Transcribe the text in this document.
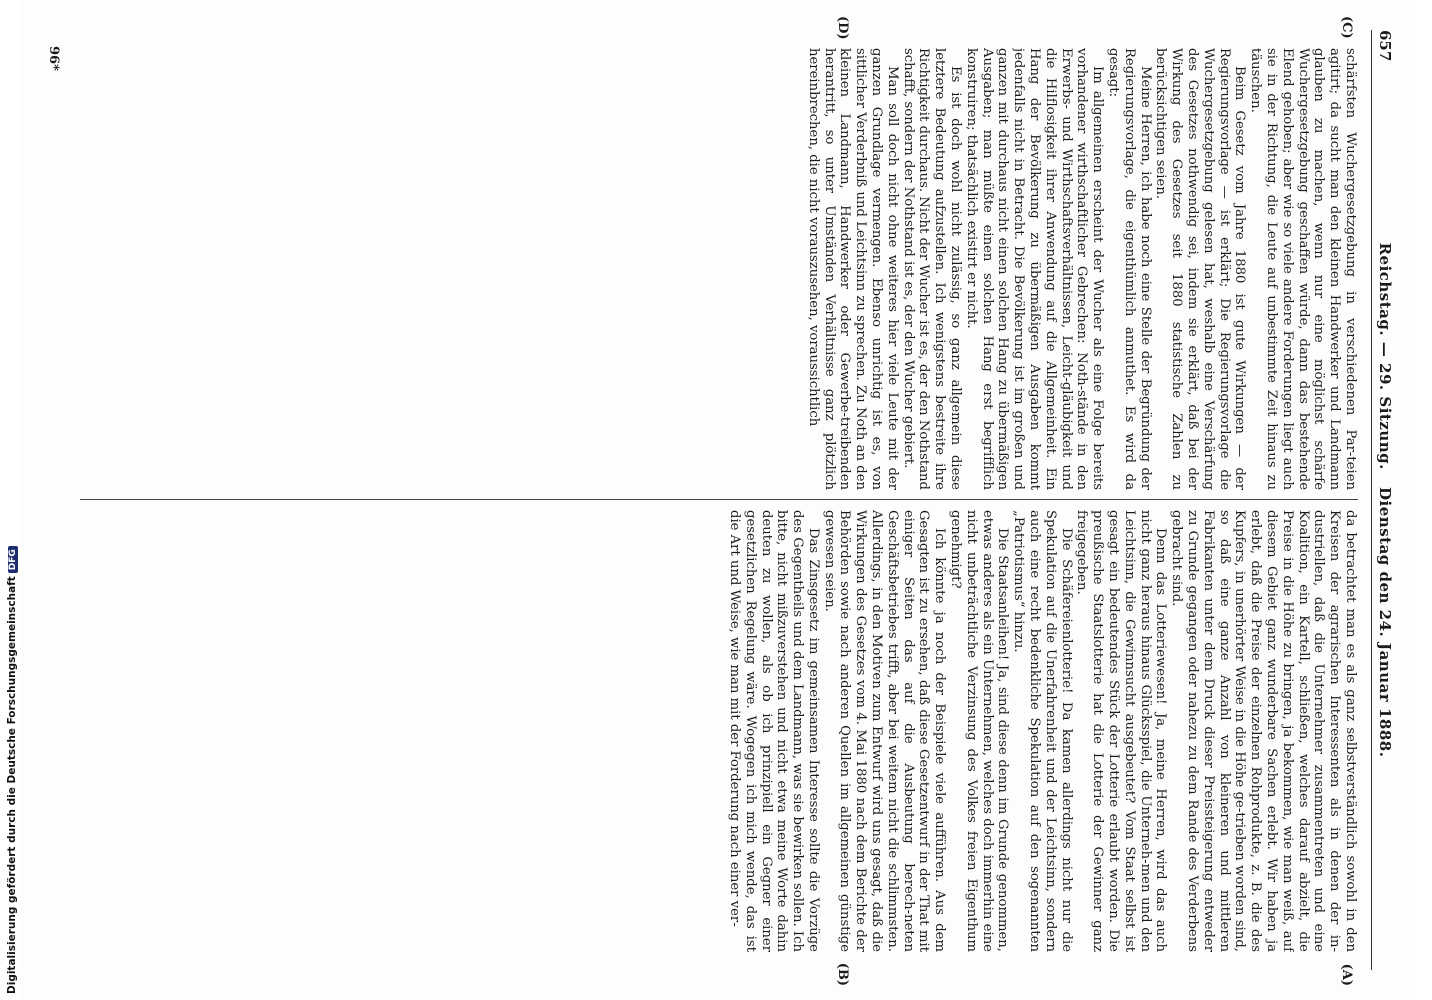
657
Reichstag. — 29. Sitzung.   Dienstag den 24. Januar 1888.
(C)
(D)
(A)
(B)

schärfsten Wuchergesetzgebung in verschiedenen Par-teien agitirt; da sucht man den kleinen Handwerker und Landmann glauben zu machen, wenn nur eine möglichst schärfe Wuchergesetzgebung geschaffen würde, dann das bestehende Elend gehoben; aber wie so viele andere Forderungen liegt auch sie in der Richtung, die Leute auf unbestimmte Zeit hinaus zu täuschen.

Beim Gesetz vom Jahre 1880 ist gute Wirkungen — der Regierungsvorlage — ist erklärt; Die Regierungsvorlage die Wuchergesetzgebung gelesen hat, weshalb eine Verschärfung des Gesetzes nothwendig sei, indem sie erklärt, daß bei der Wirkung des Gesetzes seit 1880 statistische Zahlen zu berücksichtigen seien.

Meine Herren, ich habe noch eine Stelle der Begründung der Regierungsvorlage, die eigenthümlich anmuthet. Es wird da gesagt:

Im allgemeinen erscheint der Wucher als eine Folge bereits vorhandener wirthschaftlicher Gebrechen: Noth-stände in den Erwerbs- und Wirthschaftsverhältnissen, Leicht-gläubigkeit und die Hilflosigkeit ihrer Anwendung auf die Allgemeinheit. Ein Hang der Bevölkerung zu übermäßigen Ausgaben kommt jedenfalls nicht in Betracht. Die Bevölkerung ist im großen und ganzen mit durchaus nicht einen solchen Hang zu übermäßigen Ausgaben; man müßte einen solchen Hang erst begrifflich konstruiren; thatsächlich existirt er nicht.

Es ist doch wohl nicht zulässig, so ganz allgemein diese letztere Bedeutung aufzustellen. Ich wenigstens bestreite ihre Richtigkeit durchaus. Nicht der Wucher ist es, der den Nothstand schafft, sondern der Nothstand ist es, der den Wucher gebiert.

Man soll doch nicht ohne weiteres hier viele Leute mit der ganzen Grundlage vermengen. Ebenso unrichtig ist es, von sittlicher Verderbniß und Leichtsinn zu sprechen. Zu Noth an den kleinen Landmann, Handwerker oder Gewerbe-treibenden herantritt, so unter Umständen Verhältnisse ganz plötzlich hereinbrechen, die nicht vorauszusehen, voraussichtlich

da betrachtet man es als ganz selbstverständlich sowohl in den Kreisen der agrarischen Interessenten als in denen der in-dustriellen, daß die Unternehmer zusammentreten und eine Koalition, ein Kartell, schließen, welches darauf abzielt, die Preise in die Höhe zu bringen, ja bekommen, wie man weiß, auf diesem Gebiet ganz wunderbare Sachen erlebt. Wir haben ja erlebt, daß die Preise der einzelnen Rohprodukte, z. B. die des Kupfers, in unerhörter Weise in die Höhe ge-trieben worden sind, so daß eine ganze Anzahl von kleineren und mittleren Fabrikanten unter dem Druck dieser Preissteigerung entweder zu Grunde gegangen oder nahezu zu dem Rande des Verderbens gebracht sind.

Denn das Lotteriewesen! Ja, meine Herren, wird das auch nicht ganz heraus hinaus Glücksspiel, die Unterneh-men und den Leichtsinn, die Gewinnsucht ausgebeutet? Vom Staat selbst ist gesagt ein bedeutendes Stück der Lotterie erlaubt worden. Die preußische Staatslotterie hat die Lotterie der Gewinner ganz freigegeben.

Die Schäfereienlotterie! Da kamen allerdings nicht nur die Spekulation auf die Unerfahrenheit und der Leichtsinn, sondern auch eine recht bedenkliche Spekulation auf den sogenannten „Patriotismus“ hinzu.

Die Staatsanleihen! Ja, sind diese denn im Grunde genommen, etwas anderes als ein Unternehmen, welches doch immerhin eine nicht unbeträchtliche Verzinsung des Volkes freien Eigenthum genehmigt?

Ich könnte ja noch der Beispiele viele aufführen. Aus dem Gesagten ist zu ersehen, daß diese Gesetzentwurf in der That mit einiger Seiten das auf die Ausbeutung berech-neten Geschäftsbetriebes trifft, aber bei weitem nicht die schlimmsten. Allerdings, in den Motiven zum Entwurf wird uns gesagt, daß die Wirkungen des Gesetzes vom 4. Mai 1880 nach dem Berichte der Behörden sowie nach anderen Quellen im allgemeinen günstige gewesen seien.

Das Zinsgesetz im gemeinsamen Interesse sollte die Vorzüge des Gegentheils und dem Landmann, was sie bewirken sollen. Ich bitte, nicht mißzuverstehen und nicht etwa meine Worte dahin deuten zu wollen, als ob ich prinzipiell ein Gegner einer gesetzlichen Regelung wäre. Wogegen ich mich wende, das ist die Art und Weise, wie man mit der Forderung nach einer ver-

96*
Digitalisierung gefördert durch die Deutsche ForschungsgemeinschaftDFG
